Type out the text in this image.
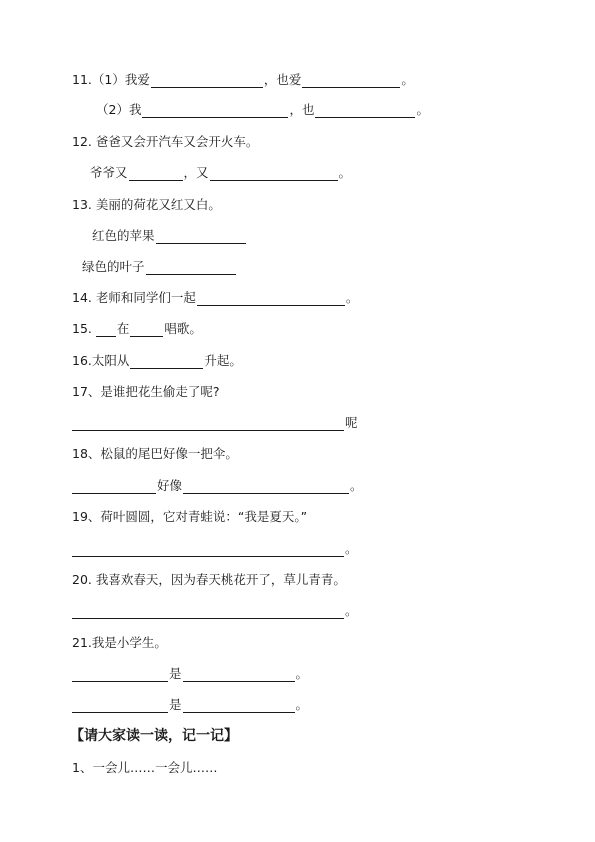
11.（1）我爱	，也爱	。
（2）我	，也	。
12. 爸爸又会开汽车又会开火车。
爷爷又	，又	。
13. 美丽的荷花又红又白。
红色的苹果
绿色的叶子
14. 老师和同学们一起	。
15. 在	唱歌。
16.太阳从	升起。
17、是谁把花生偷走了呢?
呢
18、松鼠的尾巴好像一把伞。
好像	。
19、荷叶圆圆，它对青蛙说：“我是夏天。”
。
20. 我喜欢春天，因为春天桃花开了，草儿青青。
。
21.我是小学生。
是	。
是	。
【请大家读一读，记一记】
1、一会儿……一会儿……
